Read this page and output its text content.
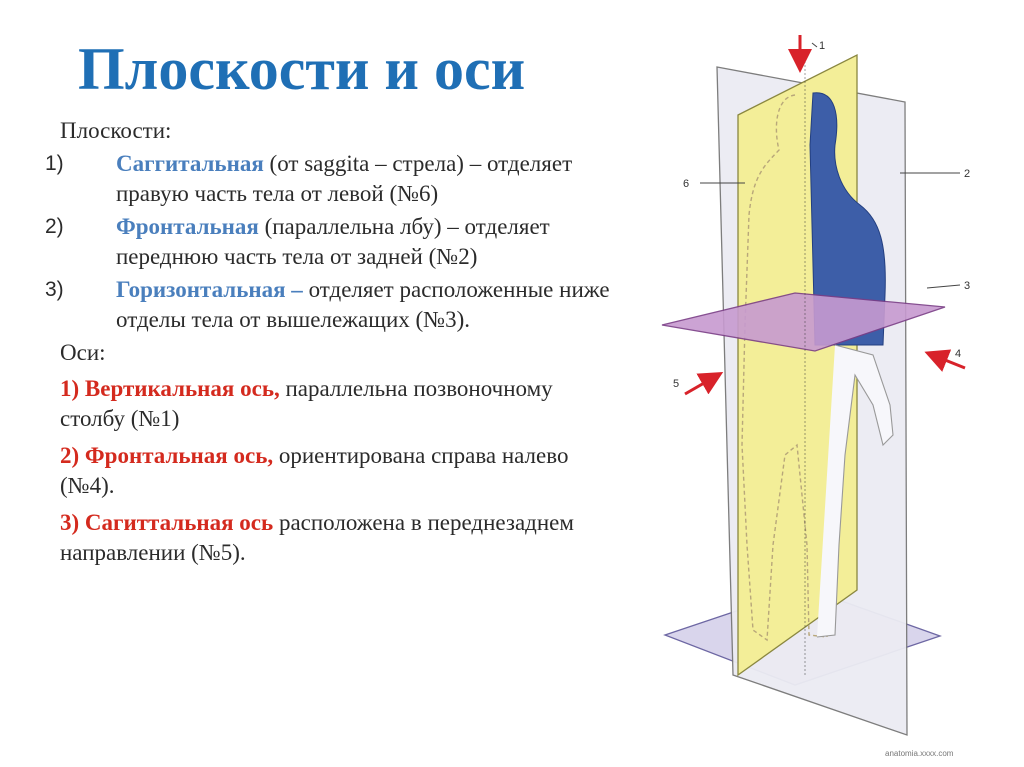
Плоскости и оси
Плоскости:
1)	Саггитальная (от saggita – стрела) – отделяет правую часть тела от левой (№6)
2)	Фронтальная (параллельна лбу) – отделяет переднюю часть тела от задней (№2)
3)	Горизонтальная – отделяет расположенные ниже отделы тела от вышележащих (№3).
Оси:
1) Вертикальная ось, параллельна позвоночному столбу (№1)
2) Фронтальная ось, ориентирована справа налево (№4).
3) Сагиттальная ось расположена в переднезаднем направлении (№5).
1
2
3
4
5
6
anatomia.xxxx.com
